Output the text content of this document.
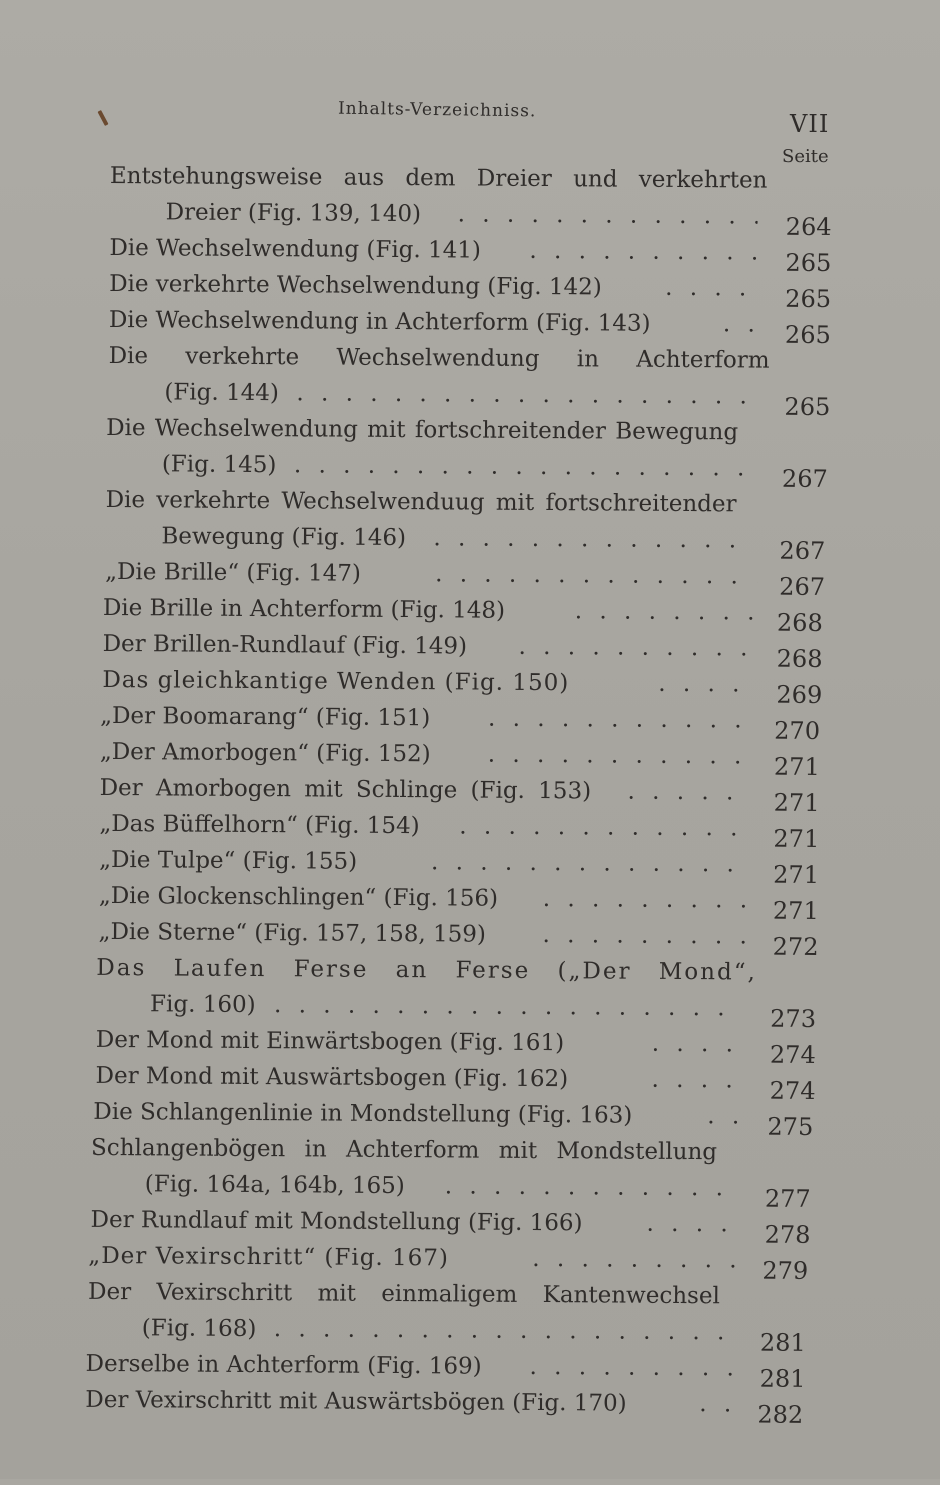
Inhalts-Verzeichniss.	VII
Seite
Entstehungsweise aus dem Dreier und verkehrten
Dreier (Fig. 139, 140) . . .	264
Die Wechselwendung (Fig. 141) . . .	265
Die verkehrte Wechselwendung (Fig. 142) . . .	265
Die Wechselwendung in Achterform (Fig. 143) . . .	265
Die verkehrte Wechselwendung in Achterform
(Fig. 144) . . .	265
Die Wechselwendung mit fortschreitender Bewegung
(Fig. 145) . . .	267
Die verkehrte Wechselwenduug mit fortschreitender
Bewegung (Fig. 146) . . .	267
„Die Brille“ (Fig. 147) . . .	267
Die Brille in Achterform (Fig. 148) . . .	268
Der Brillen-Rundlauf (Fig. 149) . . .	268
Das gleichkantige Wenden (Fig. 150) . . .	269
„Der Boomarang“ (Fig. 151) . . .	270
„Der Amorbogen“ (Fig. 152) . . .	271
Der Amorbogen mit Schlinge (Fig. 153) . . .	271
„Das Büffelhorn“ (Fig. 154) . . .	271
„Die Tulpe“ (Fig. 155) . . .	271
„Die Glockenschlingen“ (Fig. 156) . . .	271
„Die Sterne“ (Fig. 157, 158, 159) . . .	272
Das Laufen Ferse an Ferse („Der Mond“,
Fig. 160) . . .	273
Der Mond mit Einwärtsbogen (Fig. 161) . . .	274
Der Mond mit Auswärtsbogen (Fig. 162) . . .	274
Die Schlangenlinie in Mondstellung (Fig. 163) . . .	275
Schlangenbögen in Achterform mit Mondstellung
(Fig. 164a, 164b, 165) . . .	277
Der Rundlauf mit Mondstellung (Fig. 166) . . .	278
„Der Vexirschritt“ (Fig. 167) . . .	279
Der Vexirschritt mit einmaligem Kantenwechsel
(Fig. 168) . . .	281
Derselbe in Achterform (Fig. 169) . . .	281
Der Vexirschritt mit Auswärtsbögen (Fig. 170) . . .	282
